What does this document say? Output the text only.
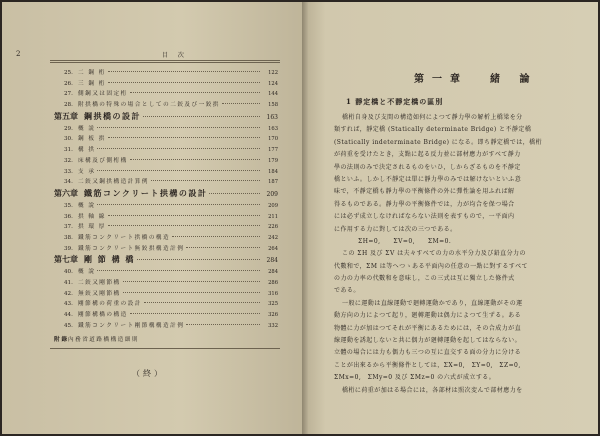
2	目 次
25. 二 鋼 桁	122
26. 三 鋼 桁	124
27. 側鋼又は固定桁	144
28. 附拱橋の特殊の場合としての二鉸及び一鉸拱	158
第五章 鋼拱橋の設計	163
29. 概 説	163
30. 鋼 板 拱	170
31. 構 拱	177
32. 床構及び側桁構	179
33. 支 承	184
34. 二鉸又鋼拱構造計算例	187
第六章 鐵筋コンクリート拱構の設計	209
35. 概 說	209
36. 拱 軸 線	211
37. 拱 環 厚	226
38. 鐵筋コンクリート拱橋の構造	242
39. 鐵筋コンクリート無鉸拱構造計例	264
第七章 剛 節 構 橋	284
40. 概 說	284
41. 二鉸又剛節構	286
42. 無鉸又剛節構	316
43. 剛節構の荷重の設計	325
44. 剛節構橋の構造	326
45. 鐵筋コンクリート剛節構構造計例	332
附 錄 內務省道路橋構造細則
（終）
第一章 緒 論
1 靜定橋と不靜定橋の區別
橋桁自身及び支間の構造如何によつて靜力學の解析上橋梁を分
類すれば，靜定橋 (Statically determinate Bridge) と不靜定橋
(Statically indeterminate Bridge) になる。即ち靜定橋では，橋桁
が荷重を受けたとき，支點に起る反力並に部材應力がすべて靜力
學の法則のみで決定されるものをいひ，しからざるものを不靜定
橋といふ。しかし不靜定は單に靜力學のみでは解けないといふ意
味で，不靜定橋も靜力學の平衡條件の外に彈性論を用ふれば解
得るものである。靜力學の平衡條件では，力が均合を保つ場合
には必ず成立しなければならない法則を表すもので，一平面内
に作用する力に對しては次の三つである。
ΣH=0,　　ΣV=0,　　ΣM=0.
この ΣH 及び ΣV は夫々すべての力の水平分力及び鉛直分力の
代數和で，ΣM は等へつゝある平面內の任意の一點に對するすべて
の力の力率の代數和を意味し，この三式は互に獨立した條件式
である。
一般に運動は直線運動で廻轉運動かであり，直線運動がその運
動方向の力によつて起り，廻轉運動は偶力によつて生ずる。ある
物體に力が加はつてそれが平衡にあるためには，その合成力が直
線運動を誘起しないと共に偶力が廻轉運動を起してはならない。
立體の場合には力も偶力も三つの互に直交する面の分力に分ける
ことが出來るから平衡條件としては，ΣX=0,　ΣY=0,　ΣZ=0,
ΣMx=0,　ΣMy=0 及び ΣMz=0 の六式が成立する。
橋桁に荷重が加はる場合には，各部材は照次変んで部材應力を
